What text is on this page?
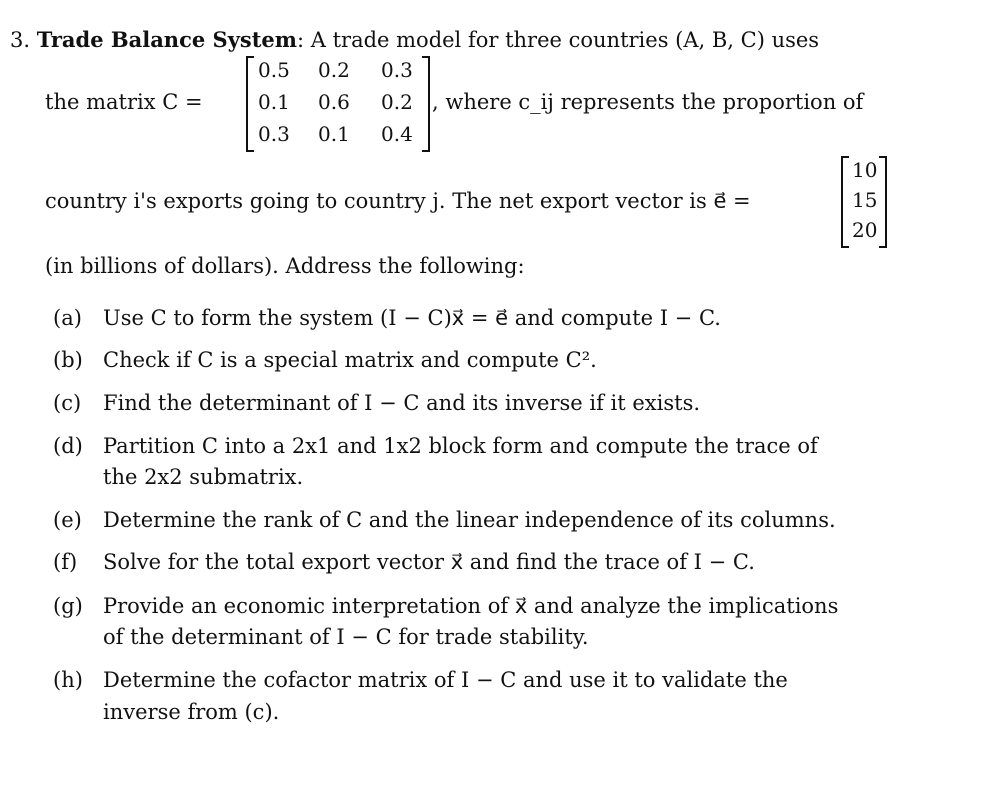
3. Trade Balance System: A trade model for three countries (A, B, C) uses
the matrix C =
0.5 0.2 0.3
0.1 0.6 0.2
0.3 0.1 0.4
, where c_ij represents the proportion of
country i's exports going to country j. The net export vector is e⃗ =
10
15
20
(in billions of dollars). Address the following:
(a) Use C to form the system (I − C)x⃗ = e⃗ and compute I − C.
(b) Check if C is a special matrix and compute C².
(c) Find the determinant of I − C and its inverse if it exists.
(d) Partition C into a 2x1 and 1x2 block form and compute the trace of
the 2x2 submatrix.
(e) Determine the rank of C and the linear independence of its columns.
(f) Solve for the total export vector x⃗ and find the trace of I − C.
(g) Provide an economic interpretation of x⃗ and analyze the implications
of the determinant of I − C for trade stability.
(h) Determine the cofactor matrix of I − C and use it to validate the
inverse from (c).
